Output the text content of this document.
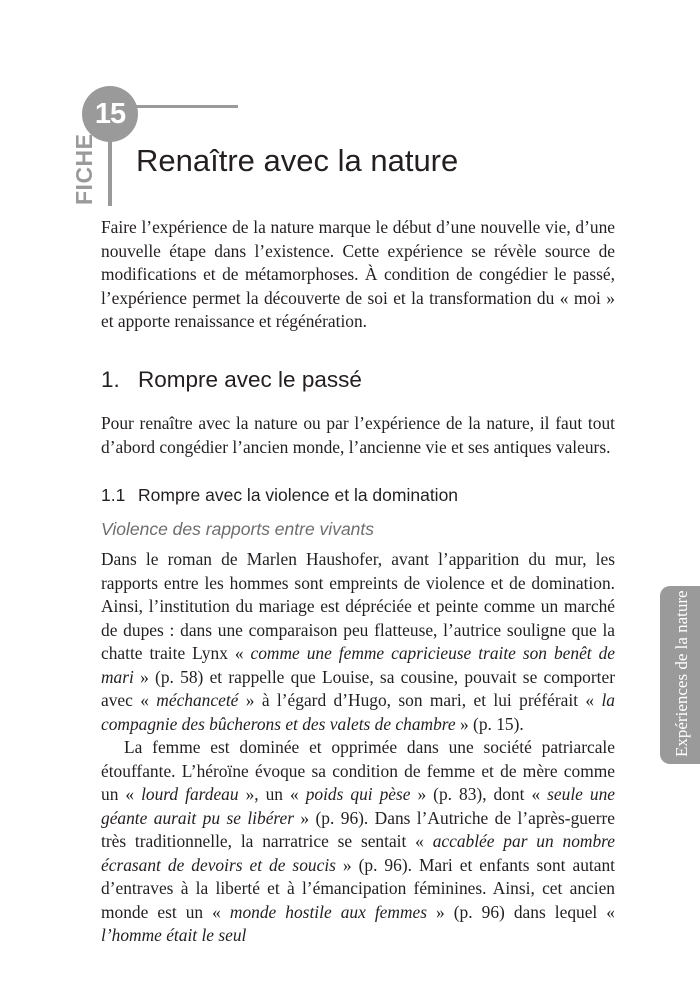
15
FICHE Renaître avec la nature

Faire l’expérience de la nature marque le début d’une nouvelle vie, d’une nouvelle étape dans l’existence. Cette expérience se révèle source de modifications et de métamorphoses. À condition de congédier le passé, l’expérience permet la découverte de soi et la transformation du « moi » et apporte renaissance et régénération.

1. Rompre avec le passé

Pour renaître avec la nature ou par l’expérience de la nature, il faut tout d’abord congédier l’ancien monde, l’ancienne vie et ses antiques valeurs.

1.1 Rompre avec la violence et la domination
Violence des rapports entre vivants

Dans le roman de Marlen Haushofer, avant l’apparition du mur, les rapports entre les hommes sont empreints de violence et de domination. Ainsi, l’institution du mariage est dépréciée et peinte comme un marché de dupes : dans une comparaison peu flatteuse, l’autrice souligne que la chatte traite Lynx « comme une femme capricieuse traite son benêt de mari » (p. 58) et rappelle que Louise, sa cousine, pouvait se comporter avec « méchanceté » à l’égard d’Hugo, son mari, et lui préférait « la compagnie des bûcherons et des valets de chambre » (p. 15).

La femme est dominée et opprimée dans une société patriarcale étouffante. L’héroïne évoque sa condition de femme et de mère comme un « lourd fardeau », un « poids qui pèse » (p. 83), dont « seule une géante aurait pu se libérer » (p. 96). Dans l’Autriche de l’après-guerre très traditionnelle, la narratrice se sentait « accablée par un nombre écrasant de devoirs et de soucis » (p. 96). Mari et enfants sont autant d’entraves à la liberté et à l’émancipation féminines. Ainsi, cet ancien monde est un « monde hostile aux femmes » (p. 96) dans lequel « l’homme était le seul

Expériences de la nature
